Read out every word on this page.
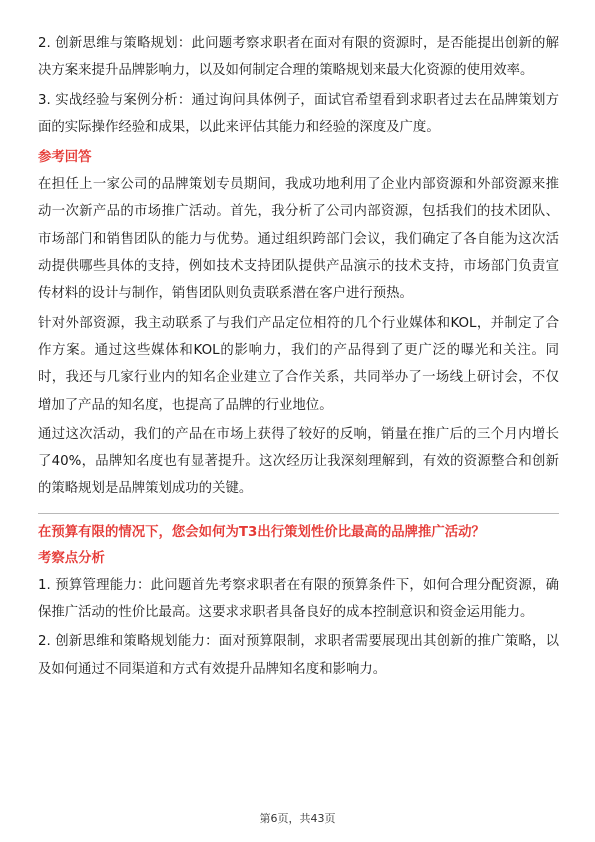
2. 创新思维与策略规划：此问题考察求职者在面对有限的资源时，是否能提出创新的解决方案来提升品牌影响力，以及如何制定合理的策略规划来最大化资源的使用效率。

3. 实战经验与案例分析：通过询问具体例子，面试官希望看到求职者过去在品牌策划方面的实际操作经验和成果，以此来评估其能力和经验的深度及广度。

参考回答

在担任上一家公司的品牌策划专员期间，我成功地利用了企业内部资源和外部资源来推动一次新产品的市场推广活动。首先，我分析了公司内部资源，包括我们的技术团队、市场部门和销售团队的能力与优势。通过组织跨部门会议，我们确定了各自能为这次活动提供哪些具体的支持，例如技术支持团队提供产品演示的技术支持，市场部门负责宣传材料的设计与制作，销售团队则负责联系潜在客户进行预热。

针对外部资源，我主动联系了与我们产品定位相符的几个行业媒体和KOL，并制定了合作方案。通过这些媒体和KOL的影响力，我们的产品得到了更广泛的曝光和关注。同时，我还与几家行业内的知名企业建立了合作关系，共同举办了一场线上研讨会，不仅增加了产品的知名度，也提高了品牌的行业地位。

通过这次活动，我们的产品在市场上获得了较好的反响，销量在推广后的三个月内增长了40%，品牌知名度也有显著提升。这次经历让我深刻理解到，有效的资源整合和创新的策略规划是品牌策划成功的关键。

在预算有限的情况下，您会如何为T3出行策划性价比最高的品牌推广活动？
考察点分析

1. 预算管理能力：此问题首先考察求职者在有限的预算条件下，如何合理分配资源，确保推广活动的性价比最高。这要求求职者具备良好的成本控制意识和资金运用能力。

2. 创新思维和策略规划能力：面对预算限制，求职者需要展现出其创新的推广策略，以及如何通过不同渠道和方式有效提升品牌知名度和影响力。

第6页，共43页
